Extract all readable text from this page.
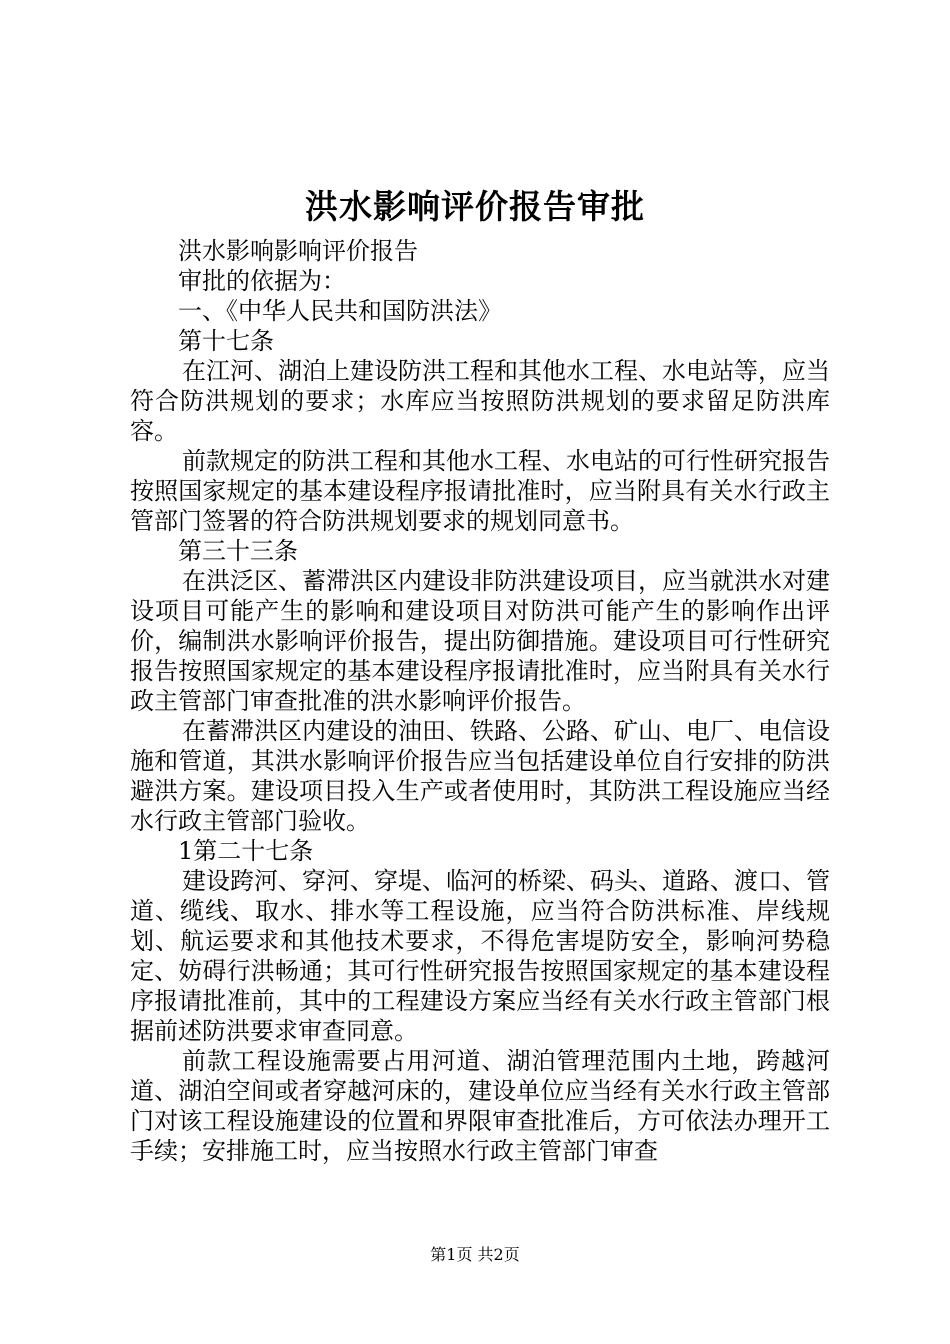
洪水影响评价报告审批

洪水影响影响评价报告

审批的依据为：

一、《中华人民共和国防洪法》

第十七条

在江河、湖泊上建设防洪工程和其他水工程、水电站等，应当符合防洪规划的要求；水库应当按照防洪规划的要求留足防洪库容。

前款规定的防洪工程和其他水工程、水电站的可行性研究报告按照国家规定的基本建设程序报请批准时，应当附具有关水行政主管部门签署的符合防洪规划要求的规划同意书。

第三十三条

在洪泛区、蓄滞洪区内建设非防洪建设项目，应当就洪水对建设项目可能产生的影响和建设项目对防洪可能产生的影响作出评价，编制洪水影响评价报告，提出防御措施。建设项目可行性研究报告按照国家规定的基本建设程序报请批准时，应当附具有关水行政主管部门审查批准的洪水影响评价报告。

在蓄滞洪区内建设的油田、铁路、公路、矿山、电厂、电信设施和管道，其洪水影响评价报告应当包括建设单位自行安排的防洪避洪方案。建设项目投入生产或者使用时，其防洪工程设施应当经水行政主管部门验收。

1第二十七条

建设跨河、穿河、穿堤、临河的桥梁、码头、道路、渡口、管道、缆线、取水、排水等工程设施，应当符合防洪标准、岸线规划、航运要求和其他技术要求，不得危害堤防安全，影响河势稳定、妨碍行洪畅通；其可行性研究报告按照国家规定的基本建设程序报请批准前，其中的工程建设方案应当经有关水行政主管部门根据前述防洪要求审查同意。

前款工程设施需要占用河道、湖泊管理范围内土地，跨越河道、湖泊空间或者穿越河床的，建设单位应当经有关水行政主管部门对该工程设施建设的位置和界限审查批准后，方可依法办理开工手续；安排施工时，应当按照水行政主管部门审查

第1页 共2页
